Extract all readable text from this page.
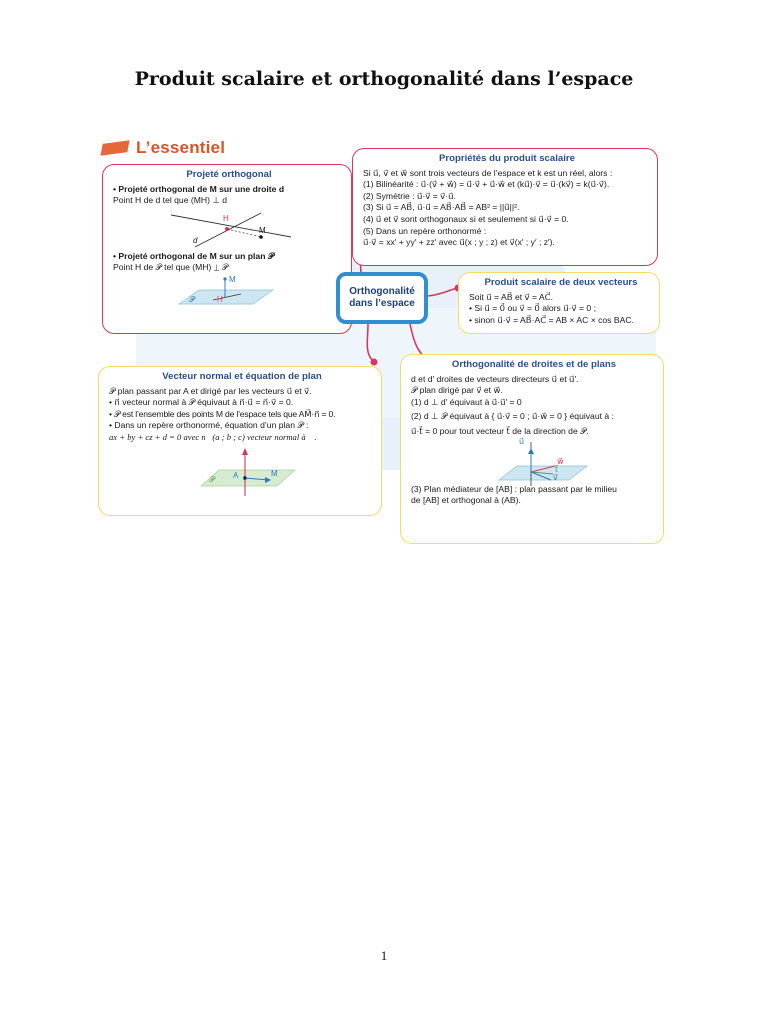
Produit scalaire et orthogonalité dans l’espace
L’essentiel
Projeté orthogonal
• Projeté orthogonal de M sur une droite d
Point H de d tel que (MH) ⊥ d
H
M
d
• Projeté orthogonal de M sur un plan 𝒫
Point H de 𝒫 tel que (MH) ⊥ 𝒫
M
H
𝒫
Propriétés du produit scalaire
Si u⃗, v⃗ et w⃗ sont trois vecteurs de l’espace et k est un réel, alors :
(1) Bilinéarité : u⃗·(v⃗ + w⃗) = u⃗·v⃗ + u⃗·w⃗ et (ku⃗)·v⃗ = u⃗·(kv⃗) = k(u⃗·v⃗).
(2) Symétrie : u⃗·v⃗ = v⃗·u⃗.
(3) Si u⃗ = AB⃗, u⃗·u⃗ = AB⃗·AB⃗ = AB² = ||u⃗||².
(4) u⃗ et v⃗ sont orthogonaux si et seulement si u⃗·v⃗ = 0.
(5) Dans un repère orthonormé :
u⃗·v⃗ = xx′ + yy′ + zz′ avec u⃗(x ; y ; z) et v⃗(x′ ; y′ ; z′).
Orthogonalité
dans l’espace
Produit scalaire de deux vecteurs
Soit u⃗ = AB⃗ et v⃗ = AC⃗.
• Si u⃗ = 0⃗ ou v⃗ = 0⃗ alors u⃗·v⃗ = 0 ;
• sinon u⃗·v⃗ = AB⃗·AC⃗ = AB × AC × cos BAC.
Vecteur normal et équation de plan
𝒫 plan passant par A et dirigé par les vecteurs u⃗ et v⃗.
• n⃗ vecteur normal à 𝒫 équivaut à n⃗·u⃗ = n⃗·v⃗ = 0.
• 𝒫 est l’ensemble des points M de l’espace tels que AM⃗·n⃗ = 0.
• Dans un repère orthonormé, équation d’un plan 𝒫 :
ax + by + cz + d = 0 avec n⃗(a ; b ; c) vecteur normal à 𝒫.
A	M
𝒫
Orthogonalité de droites et de plans
d et d′ droites de vecteurs directeurs u⃗ et u⃗′.
𝒫 plan dirigé par v⃗ et w⃗.
(1) d ⊥ d′ équivaut à u⃗·u⃗′ = 0
(2) d ⊥ 𝒫 équivaut à { u⃗·v⃗ = 0 ; u⃗·w⃗ = 0 } équivaut à :
u⃗·t⃗ = 0 pour tout vecteur t⃗ de la direction de 𝒫.
u⃗
w⃗
t⃗
v⃗
(3) Plan médiateur de [AB] : plan passant par le milieu
de [AB] et orthogonal à (AB).
1
